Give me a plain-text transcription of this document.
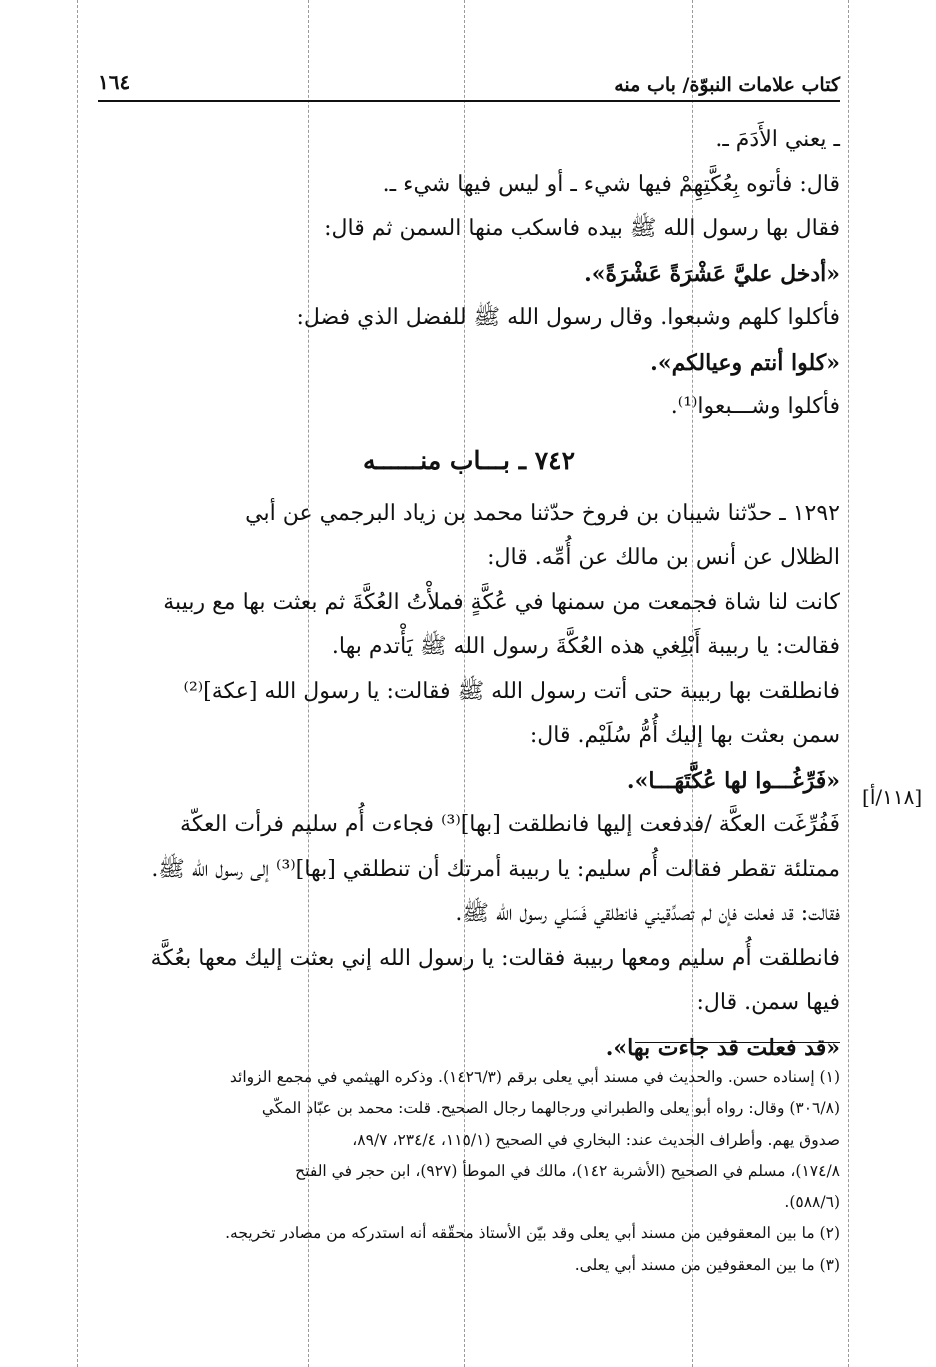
كتاب علامات النبوّة/ باب منه
١٦٤

ـ يعني الأَدَمَ ـ.

قال: فأتوه بِعُكَّتِهِمْ فيها شيء ـ أو ليس فيها شيء ـ.

فقال بها رسول الله ﷺ بيده فاسكب منها السمن ثم قال:

«أدخل عليَّ عَشْرَةً عَشْرَةً».

فأكلوا كلهم وشبعوا. وقال رسول الله ﷺ للفضل الذي فضل:

«كلوا أنتم وعيالكم».

فأكلوا وشـــبعوا⁽¹⁾.

٧٤٢ ـ بـــاب منــــــه

١٢٩٢ ـ حدّثنا شيبان بن فروخ حدّثنا محمد بن زياد البرجمي عن أبي

الظلال عن أنس بن مالك عن أُمِّه. قال:

كانت لنا شاة فجمعت من سمنها في عُكَّةٍ فملأْتُ العُكَّةَ ثم بعثت بها مع ربيبة

فقالت: يا ربيبة أَبْلِغي هذه العُكَّةَ رسول الله ﷺ يَأْتدم بها.

فانطلقت بها ربيبة حتى أتت رسول الله ﷺ فقالت: يا رسول الله [عكة]⁽²⁾

سمن بعثت بها إليك أُمُّ سُلَيْم. قال:

«فَرِّغُـــوا لها عُكَّتَهَـــا».

فَفُرِّغَت العكَّة /فدفعت إليها فانطلقت [بها]⁽³⁾ فجاءت أُم سليم فرأت العكّة

ممتلئة تقطر فقالت أُم سليم: يا ربيبة أمرتك أن تنطلقي [بها]⁽³⁾ إلى رسول الله ﷺ.

فقالت: قد فعلت فإن لم تصدِّقيني فانطلقي فَسَلي رسول الله ﷺ.

فانطلقت أُم سليم ومعها ربيبة فقالت: يا رسول الله إني بعثت إليك معها بعُكَّة

فيها سمن. قال:

«قد فعلت قد جاءت بها».

[١١٨/أ]

(١) إسناده حسن. والحديث في مسند أبي يعلى برقم (١٤٢٦/٣). وذكره الهيثمي في مجمع الزوائد

(٣٠٦/٨) وقال: رواه أبو يعلى والطبراني ورجالهما رجال الصحيح. قلت: محمد بن عبّاد المكّي

صدوق يهم. وأطراف الحديث عند: البخاري في الصحيح (١١٥/١، ٢٣٤/٤، ٨٩/٧،

١٧٤/٨)، مسلم في الصحيح (الأشربة ١٤٢)، مالك في الموطأ (٩٢٧)، ابن حجر في الفتح

(٥٨٨/٦).

(٢) ما بين المعقوفين من مسند أبي يعلى وقد بيّن الأستاذ محقّقه أنه استدركه من مصادر تخريجه.

(٣) ما بين المعقوفين من مسند أبي يعلى.
